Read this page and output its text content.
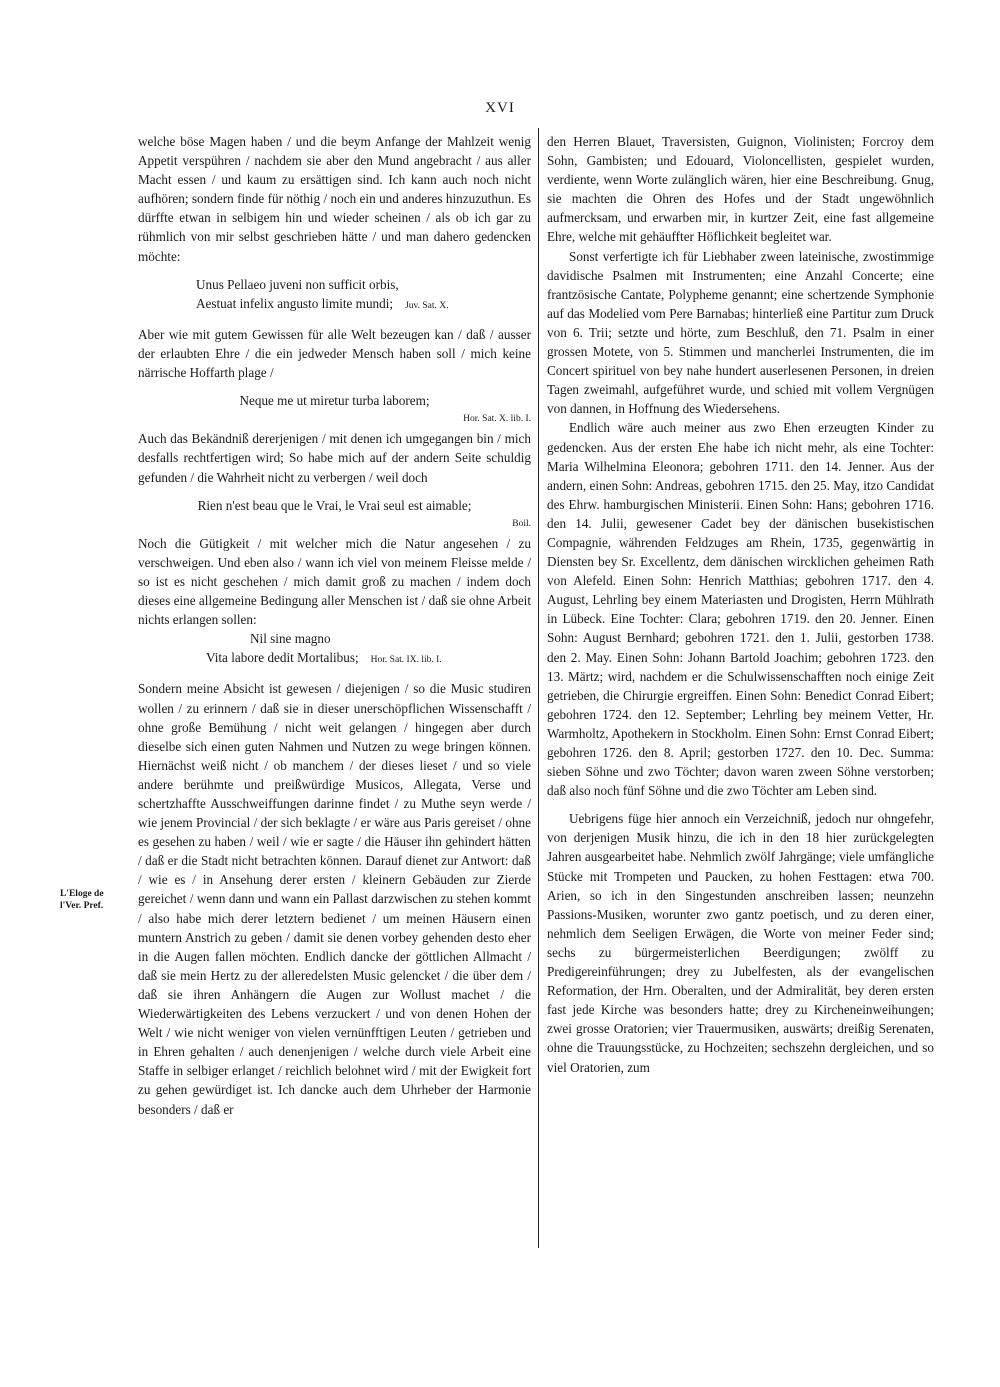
XVI
L'Eloge de
l'Ver. Pref.

welche böse Magen haben / und die beym Anfange der Mahlzeit wenig Appetit verspühren / nachdem sie aber den Mund angebracht / aus aller Macht essen / und kaum zu ersättigen sind. Ich kann auch noch nicht aufhören; sondern finde für nöthig / noch ein und anderes hinzuzuthun. Es dürffte etwan in selbigem hin und wieder scheinen / als ob ich gar zu rühmlich von mir selbst geschrieben hätte / und man dahero gedencken möchte:

Unus Pellaeo juveni non sufficit orbis,
Aestuat infelix angusto limite mundi; Juv. Sat. X.

Aber wie mit gutem Gewissen für alle Welt bezeugen kan / daß / ausser der erlaubten Ehre / die ein jedweder Mensch haben soll / mich keine närrische Hoffarth plage /

Neque me ut miretur turba laborem;
Hor. Sat. X. lib. I.

Auch das Bekändniß dererjenigen / mit denen ich umgegangen bin / mich desfalls rechtfertigen wird; So habe mich auf der andern Seite schuldig gefunden / die Wahrheit nicht zu verbergen / weil doch

Rien n'est beau que le Vrai, le Vrai seul est aimable;
Boil.

Noch die Gütigkeit / mit welcher mich die Natur angesehen / zu verschweigen. Und eben also / wann ich viel von meinem Fleisse melde / so ist es nicht geschehen / mich damit groß zu machen / indem doch dieses eine allgemeine Bedingung aller Menschen ist / daß sie ohne Arbeit nichts erlangen sollen:

Nil sine magno
Vita labore dedit Mortalibus; Hor. Sat. IX. lib. I.

Sondern meine Absicht ist gewesen / diejenigen / so die Music studiren wollen / zu erinnern / daß sie in dieser unerschöpflichen Wissenschafft / ohne große Bemühung / nicht weit gelangen / hingegen aber durch dieselbe sich einen guten Nahmen und Nutzen zu wege bringen können. Hiernächst weiß nicht / ob manchem / der dieses lieset / und so viele andere berühmte und preißwürdige Musicos, Allegata, Verse und schertzhaffte Ausschweiffungen darinne findet / zu Muthe seyn werde / wie jenem Provincial / der sich beklagte / er wäre aus Paris gereiset / ohne es gesehen zu haben / weil / wie er sagte / die Häuser ihn gehindert hätten / daß er die Stadt nicht betrachten können. Darauf dienet zur Antwort: daß / wie es / in Ansehung derer ersten / kleinern Gebäuden zur Zierde gereichet / wenn dann und wann ein Pallast darzwischen zu stehen kommt / also habe mich derer letztern bedienet / um meinen Häusern einen muntern Anstrich zu geben / damit sie denen vorbey gehenden desto eher in die Augen fallen möchten. Endlich dancke der göttlichen Allmacht / daß sie mein Hertz zu der alleredelsten Music gelencket / die über dem / daß sie ihren Anhängern die Augen zur Wollust machet / die Wiederwärtigkeiten des Lebens verzuckert / und von denen Hohen der Welt / wie nicht weniger von vielen vernünfftigen Leuten / getrieben und in Ehren gehalten / auch denenjenigen / welche durch viele Arbeit eine Staffe in selbiger erlanget / reichlich belohnet wird / mit der Ewigkeit fort zu gehen gewürdiget ist. Ich dancke auch dem Uhrheber der Harmonie besonders / daß er

den Herren Blauet, Traversisten, Guignon, Violinisten; Forcroy dem Sohn, Gambisten; und Edouard, Violoncellisten, gespielet wurden, verdiente, wenn Worte zulänglich wären, hier eine Beschreibung. Gnug, sie machten die Ohren des Hofes und der Stadt ungewöhnlich aufmercksam, und erwarben mir, in kurtzer Zeit, eine fast allgemeine Ehre, welche mit gehäuffter Höflichkeit begleitet war.

Sonst verfertigte ich für Liebhaber zween lateinische, zwostimmige davidische Psalmen mit Instrumenten; eine Anzahl Concerte; eine frantzösische Cantate, Polypheme genannt; eine schertzende Symphonie auf das Modelied vom Pere Barnabas; hinterließ eine Partitur zum Druck von 6. Trii; setzte und hörte, zum Beschluß, den 71. Psalm in einer grossen Motete, von 5. Stimmen und mancherlei Instrumenten, die im Concert spirituel von bey nahe hundert auserlesenen Personen, in dreien Tagen zweimahl, aufgeführet wurde, und schied mit vollem Vergnügen von dannen, in Hoffnung des Wiedersehens.

Endlich wäre auch meiner aus zwo Ehen erzeugten Kinder zu gedencken. Aus der ersten Ehe habe ich nicht mehr, als eine Tochter: Maria Wilhelmina Eleonora; gebohren 1711. den 14. Jenner. Aus der andern, einen Sohn: Andreas, gebohren 1715. den 25. May, itzo Candidat des Ehrw. hamburgischen Ministerii. Einen Sohn: Hans; gebohren 1716. den 14. Julii, gewesener Cadet bey der dänischen busekistischen Compagnie, währenden Feldzuges am Rhein, 1735, gegenwärtig in Diensten bey Sr. Excellentz, dem dänischen wircklichen geheimen Rath von Alefeld. Einen Sohn: Henrich Matthias; gebohren 1717. den 4. August, Lehrling bey einem Materiasten und Drogisten, Herrn Mühlrath in Lübeck. Eine Tochter: Clara; gebohren 1719. den 20. Jenner. Einen Sohn: August Bernhard; gebohren 1721. den 1. Julii, gestorben 1738. den 2. May. Einen Sohn: Johann Bartold Joachim; gebohren 1723. den 13. Märtz; wird, nachdem er die Schulwissenschafften noch einige Zeit getrieben, die Chirurgie ergreiffen. Einen Sohn: Benedict Conrad Eibert; gebohren 1724. den 12. September; Lehrling bey meinem Vetter, Hr. Warmholtz, Apothekern in Stockholm. Einen Sohn: Ernst Conrad Eibert; gebohren 1726. den 8. April; gestorben 1727. den 10. Dec. Summa: sieben Söhne und zwo Töchter; davon waren zween Söhne verstorben; daß also noch fünf Söhne und die zwo Töchter am Leben sind.

Uebrigens füge hier annoch ein Verzeichniß, jedoch nur ohngefehr, von derjenigen Musik hinzu, die ich in den 18 hier zurückgelegten Jahren ausgearbeitet habe. Nehmlich zwölf Jahrgänge; viele umfängliche Stücke mit Trompeten und Paucken, zu hohen Festtagen: etwa 700. Arien, so ich in den Singestunden anschreiben lassen; neunzehn Passions-Musiken, worunter zwo gantz poetisch, und zu deren einer, nehmlich dem Seeligen Erwägen, die Worte von meiner Feder sind; sechs zu bürgermeisterlichen Beerdigungen; zwölff zu Predigereinführungen; drey zu Jubelfesten, als der evangelischen Reformation, der Hrn. Oberalten, und der Admiralität, bey deren ersten fast jede Kirche was besonders hatte; drey zu Kircheneinweihungen; zwei grosse Oratorien; vier Trauermusiken, auswärts; dreißig Serenaten, ohne die Trauungsstücke, zu Hochzeiten; sechszehn dergleichen, und so viel Oratorien, zum
